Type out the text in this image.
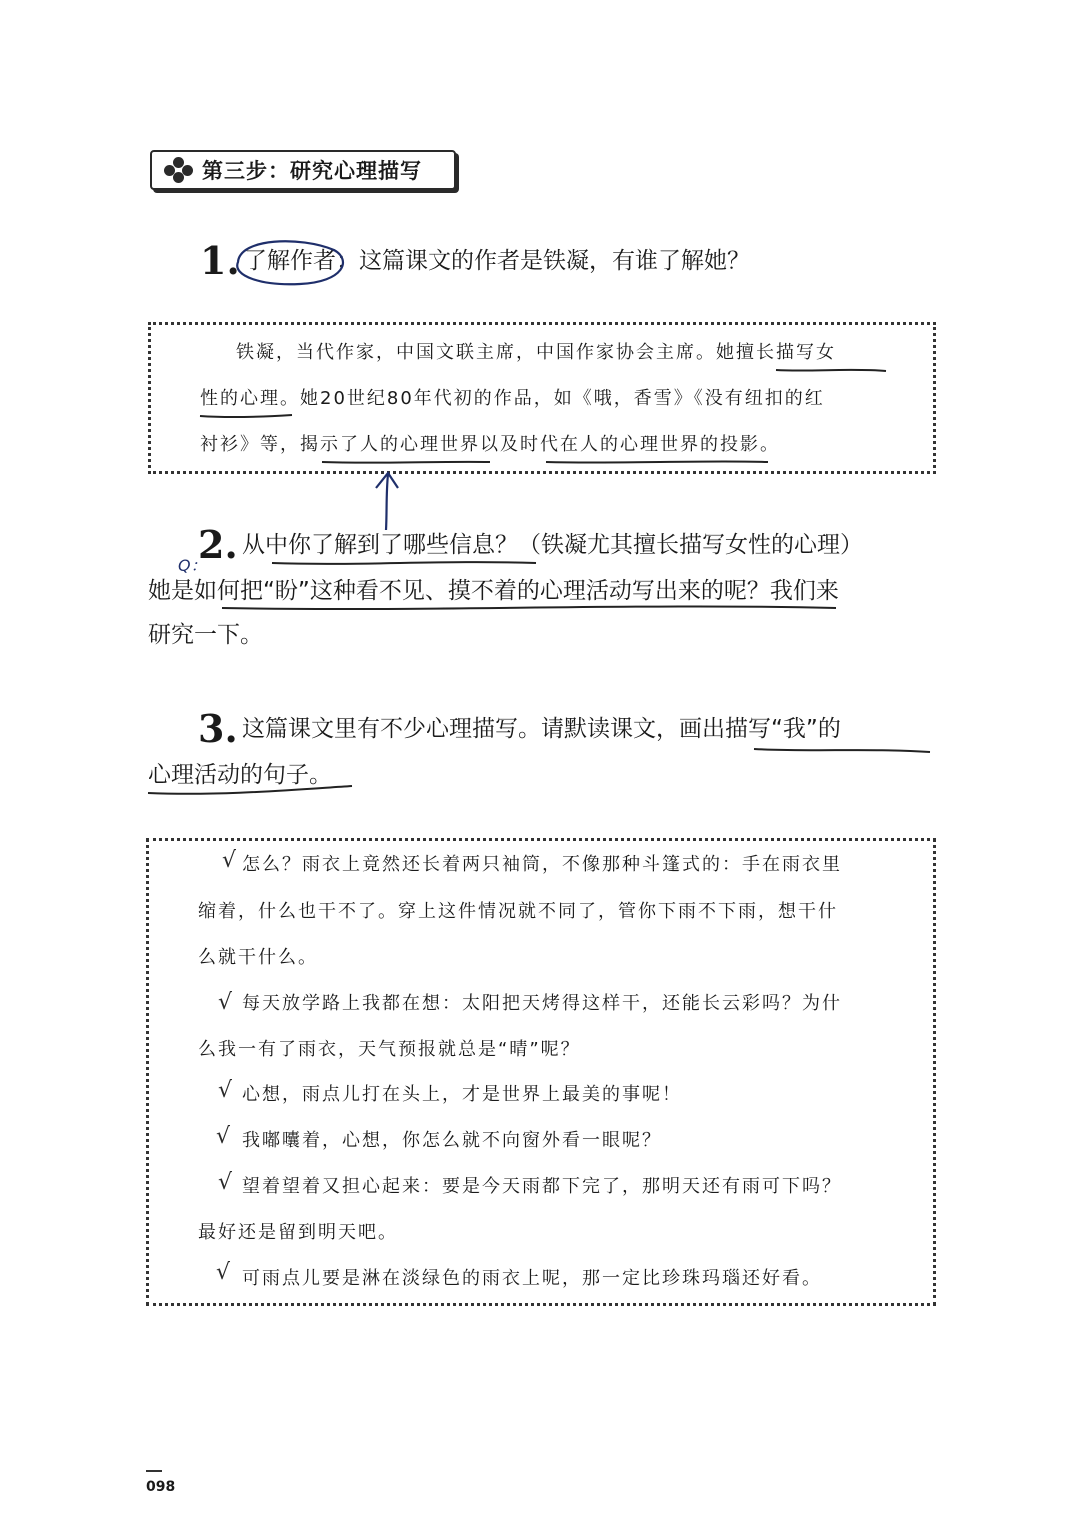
第三步：研究心理描写
1. 了解作者：这篇课文的作者是铁凝，有谁了解她？
铁凝，当代作家，中国文联主席，中国作家协会主席。她擅长描写女
性的心理。她20世纪80年代初的作品，如《哦，香雪》《没有纽扣的红
衬衫》等，揭示了人的心理世界以及时代在人的心理世界的投影。
2.
Q：
从中你了解到了哪些信息？（铁凝尤其擅长描写女性的心理）
她是如何把“盼”这种看不见、摸不着的心理活动写出来的呢？我们来
研究一下。
3. 这篇课文里有不少心理描写。请默读课文，画出描写“我”的
心理活动的句子。
√ 怎么？雨衣上竟然还长着两只袖筒，不像那种斗篷式的：手在雨衣里
缩着，什么也干不了。穿上这件情况就不同了，管你下雨不下雨，想干什
么就干什么。
√ 每天放学路上我都在想：太阳把天烤得这样干，还能长云彩吗？为什
么我一有了雨衣，天气预报就总是“晴”呢？
√ 心想，雨点儿打在头上，才是世界上最美的事呢！
√ 我嘟囔着，心想，你怎么就不向窗外看一眼呢？
√ 望着望着又担心起来：要是今天雨都下完了，那明天还有雨可下吗？
最好还是留到明天吧。
√ 可雨点儿要是淋在淡绿色的雨衣上呢，那一定比珍珠玛瑙还好看。
098
